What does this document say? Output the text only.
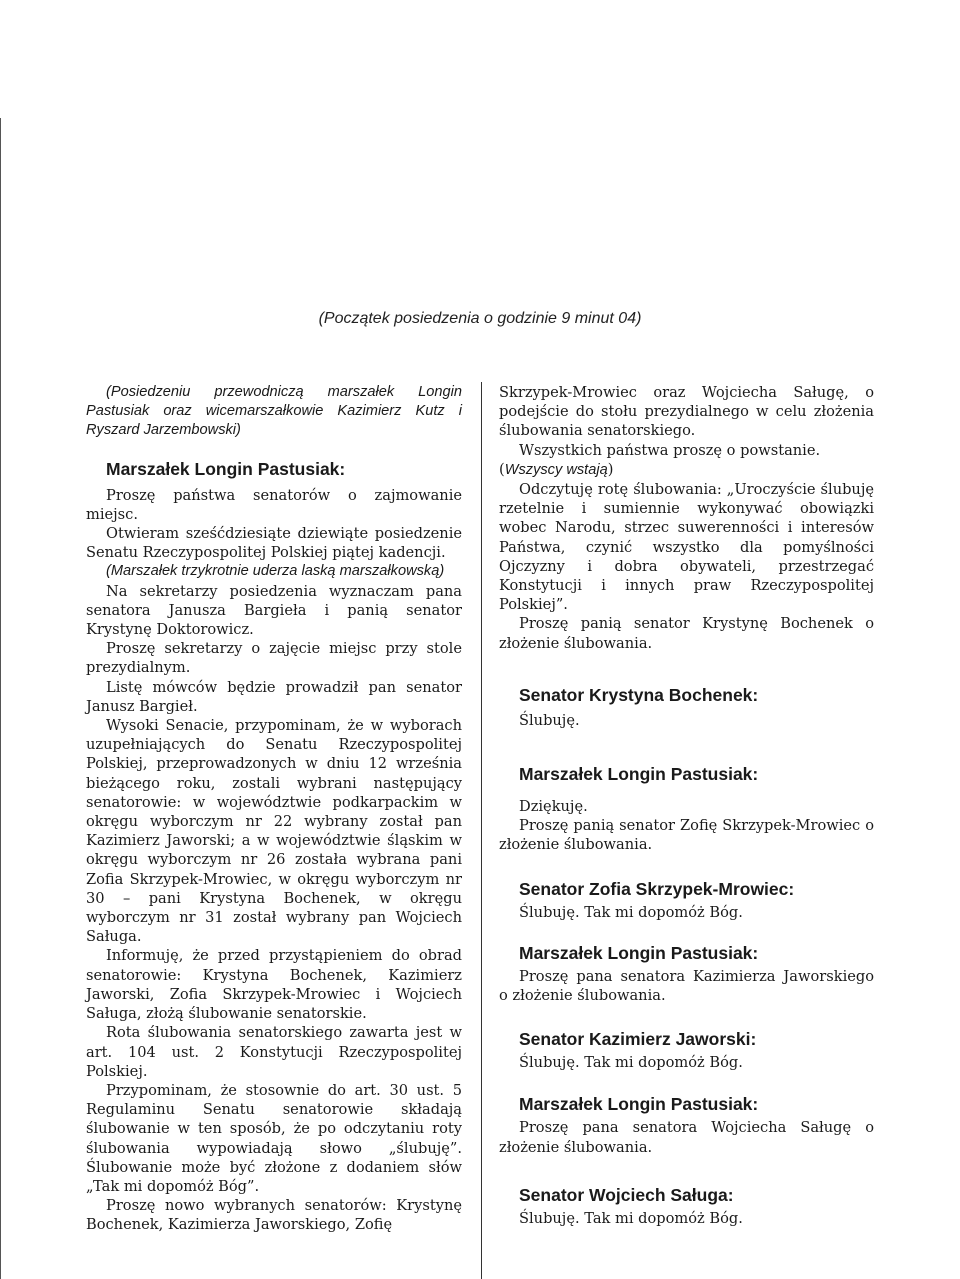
(Początek posiedzenia o godzinie 9 minut 04)

(Posiedzeniu przewodniczą marszałek Longin Pastusiak oraz wicemarszałkowie Kazimierz Kutz i Ryszard Jarzembowski)

Marszałek Longin Pastusiak:

Proszę państwa senatorów o zajmowanie miejsc.

Otwieram sześćdziesiąte dziewiąte posiedzenie Senatu Rzeczypospolitej Polskiej piątej kadencji.

(Marszałek trzykrotnie uderza laską marszałkowską)

Na sekretarzy posiedzenia wyznaczam pana senatora Janusza Bargieła i panią senator Krystynę Doktorowicz.

Proszę sekretarzy o zajęcie miejsc przy stole prezydialnym.

Listę mówców będzie prowadził pan senator Janusz Bargieł.

Wysoki Senacie, przypominam, że w wyborach uzupełniających do Senatu Rzeczypospolitej Polskiej, przeprowadzonych w dniu 12 września bieżącego roku, zostali wybrani następujący senatorowie: w województwie podkarpackim w okręgu wyborczym nr 22 wybrany został pan Kazimierz Jaworski; a w województwie śląskim w okręgu wyborczym nr 26 została wybrana pani Zofia Skrzypek-Mrowiec, w okręgu wyborczym nr 30 – pani Krystyna Bochenek, w okręgu wyborczym nr 31 został wybrany pan Wojciech Saługa.

Informuję, że przed przystąpieniem do obrad senatorowie: Krystyna Bochenek, Kazimierz Jaworski, Zofia Skrzypek-Mrowiec i Wojciech Saługa, złożą ślubowanie senatorskie.

Rota ślubowania senatorskiego zawarta jest w art. 104 ust. 2 Konstytucji Rzeczypospolitej Polskiej.

Przypominam, że stosownie do art. 30 ust. 5 Regulaminu Senatu senatorowie składają ślubowanie w ten sposób, że po odczytaniu roty ślubowania wypowiadają słowo „ślubuję”. Ślubowanie może być złożone z dodaniem słów „Tak mi dopomóż Bóg”.

Proszę nowo wybranych senatorów: Krystynę Bochenek, Kazimierza Jaworskiego, Zofię

Skrzypek-Mrowiec oraz Wojciecha Saługę, o podejście do stołu prezydialnego w celu złożenia ślubowania senatorskiego.

Wszystkich państwa proszę o powstanie.

(Wszyscy wstają)

Odczytuję rotę ślubowania: „Uroczyście ślubuję rzetelnie i sumiennie wykonywać obowiązki wobec Narodu, strzec suwerenności i interesów Państwa, czynić wszystko dla pomyślności Ojczyzny i dobra obywateli, przestrzegać Konstytucji i innych praw Rzeczypospolitej Polskiej”.

Proszę panią senator Krystynę Bochenek o złożenie ślubowania.

Senator Krystyna Bochenek:

Ślubuję.

Marszałek Longin Pastusiak:

Dziękuję.

Proszę panią senator Zofię Skrzypek-Mrowiec o złożenie ślubowania.

Senator Zofia Skrzypek-Mrowiec:

Ślubuję. Tak mi dopomóż Bóg.

Marszałek Longin Pastusiak:

Proszę pana senatora Kazimierza Jaworskiego o złożenie ślubowania.

Senator Kazimierz Jaworski:

Ślubuję. Tak mi dopomóż Bóg.

Marszałek Longin Pastusiak:

Proszę pana senatora Wojciecha Saługę o złożenie ślubowania.

Senator Wojciech Saługa:

Ślubuję. Tak mi dopomóż Bóg.
